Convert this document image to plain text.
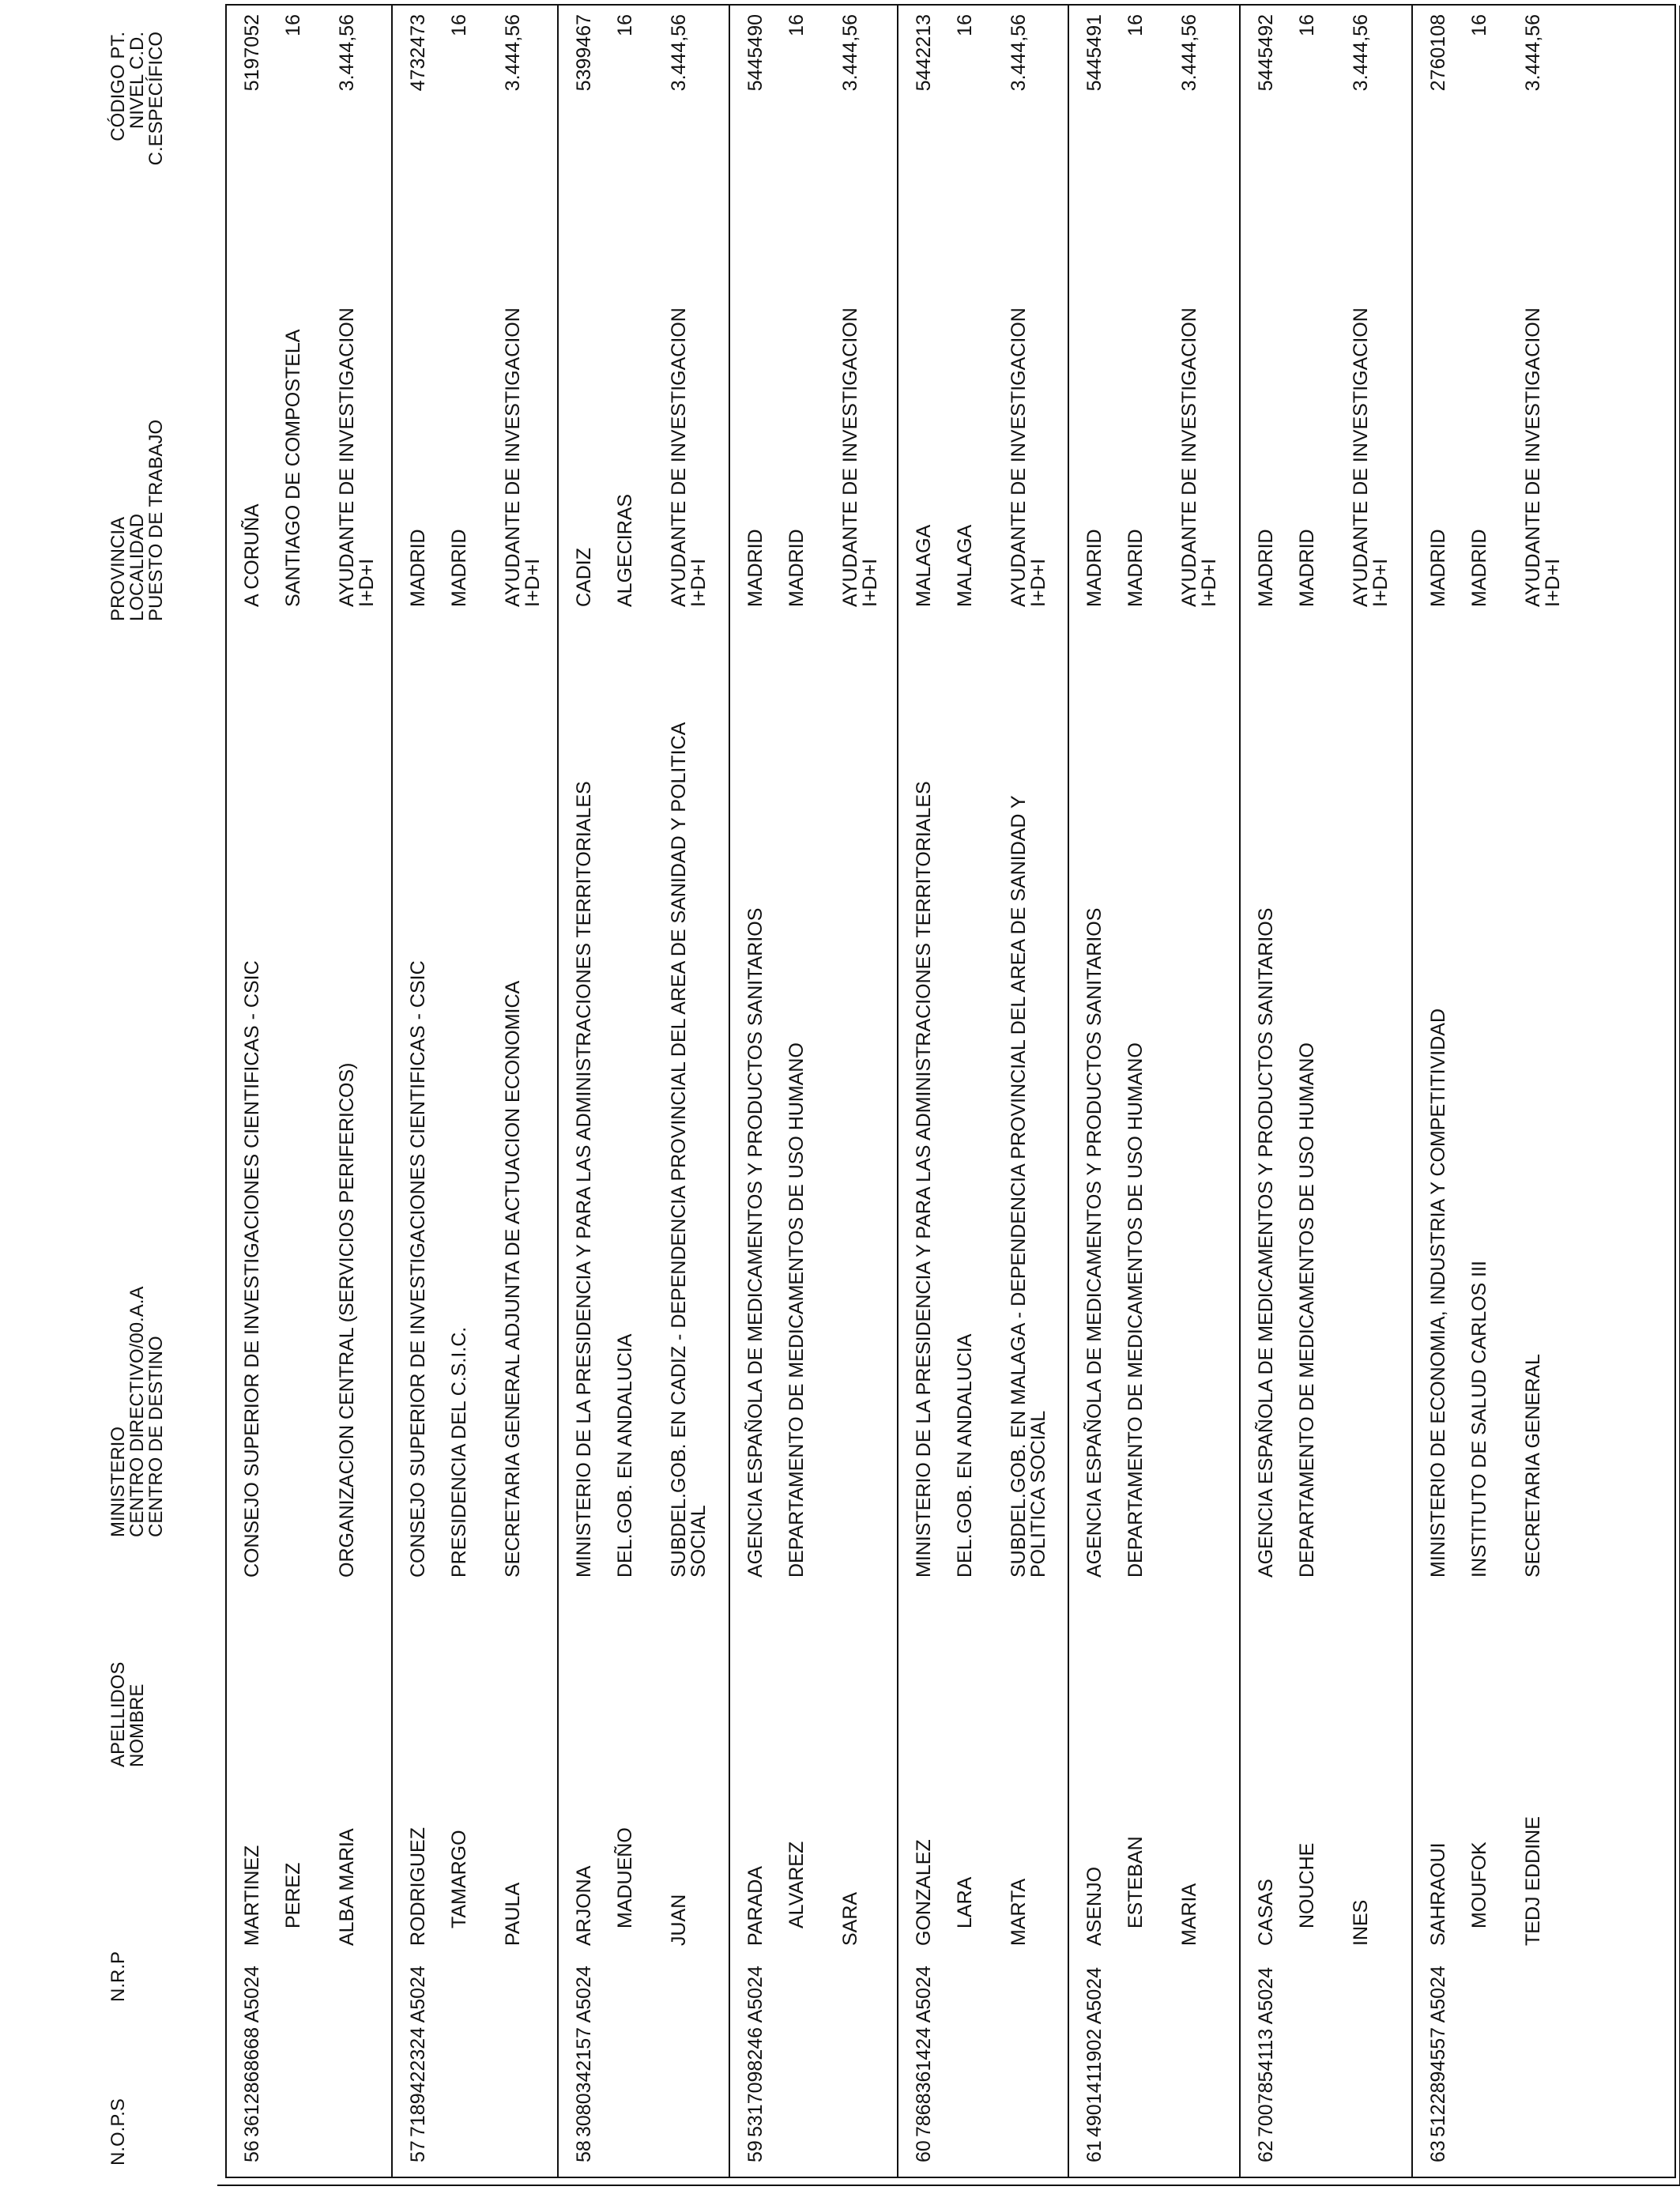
N.O.P.S
N.R.P
APELLIDOS
NOMBRE
MINISTERIO
CENTRO DIRECTIVO/00.A.A
CENTRO DE DESTINO
PROVINCIA
LOCALIDAD
PUESTO DE TRABAJO
CÓDIGO PT.
NIVEL C.D.
C.ESPECÍFICO
56
3612868668 A5024
MARTINEZ PEREZ ALBA MARIA
CONSEJO SUPERIOR DE INVESTIGACIONES CIENTIFICAS - CSIC	ORGANIZACION CENTRAL (SERVICIOS PERIFERICOS)
A CORUÑA SANTIAGO DE COMPOSTELA AYUDANTE DE INVESTIGACION I+D+I
5197052 16 3.444,56
57
7189422324 A5024
RODRIGUEZ TAMARGO PAULA
CONSEJO SUPERIOR DE INVESTIGACIONES CIENTIFICAS - CSIC PRESIDENCIA DEL C.S.I.C. SECRETARIA GENERAL ADJUNTA DE ACTUACION ECONOMICA
MADRID MADRID AYUDANTE DE INVESTIGACION I+D+I
4732473 16 3.444,56
58
3080342157 A5024
ARJONA MADUEÑO JUAN
MINISTERIO DE LA PRESIDENCIA Y PARA LAS ADMINISTRACIONES TERRITORIALES DEL.GOB. EN ANDALUCIA SUBDEL.GOB. EN CADIZ - DEPENDENCIA PROVINCIAL DEL AREA DE SANIDAD Y POLITICA SOCIAL
CADIZ ALGECIRAS AYUDANTE DE INVESTIGACION I+D+I
5399467 16 3.444,56
59
5317098246 A5024
PARADA ALVAREZ SARA
AGENCIA ESPAÑOLA DE MEDICAMENTOS Y PRODUCTOS SANITARIOS DEPARTAMENTO DE MEDICAMENTOS DE USO HUMANO
MADRID MADRID AYUDANTE DE INVESTIGACION I+D+I
5445490 16 3.444,56
60
7868361424 A5024
GONZALEZ LARA MARTA
MINISTERIO DE LA PRESIDENCIA Y PARA LAS ADMINISTRACIONES TERRITORIALES DEL.GOB. EN ANDALUCIA SUBDEL.GOB. EN MALAGA - DEPENDENCIA PROVINCIAL DEL AREA DE SANIDAD Y POLITICA SOCIAL
MALAGA MALAGA AYUDANTE DE INVESTIGACION I+D+I
5442213 16 3.444,56
61
4901411902 A5024
ASENJO ESTEBAN MARIA
AGENCIA ESPAÑOLA DE MEDICAMENTOS Y PRODUCTOS SANITARIOS DEPARTAMENTO DE MEDICAMENTOS DE USO HUMANO
MADRID MADRID AYUDANTE DE INVESTIGACION I+D+I
5445491 16 3.444,56
62
7007854113 A5024
CASAS NOUCHE INES
AGENCIA ESPAÑOLA DE MEDICAMENTOS Y PRODUCTOS SANITARIOS DEPARTAMENTO DE MEDICAMENTOS DE USO HUMANO
MADRID MADRID AYUDANTE DE INVESTIGACION I+D+I
5445492 16 3.444,56
63
5122894557 A5024
SAHRAOUI MOUFOK TEDJ EDDINE
MINISTERIO DE ECONOMIA, INDUSTRIA Y COMPETITIVIDAD INSTITUTO DE SALUD CARLOS III SECRETARIA GENERAL
MADRID MADRID AYUDANTE DE INVESTIGACION I+D+I
2760108 16 3.444,56
